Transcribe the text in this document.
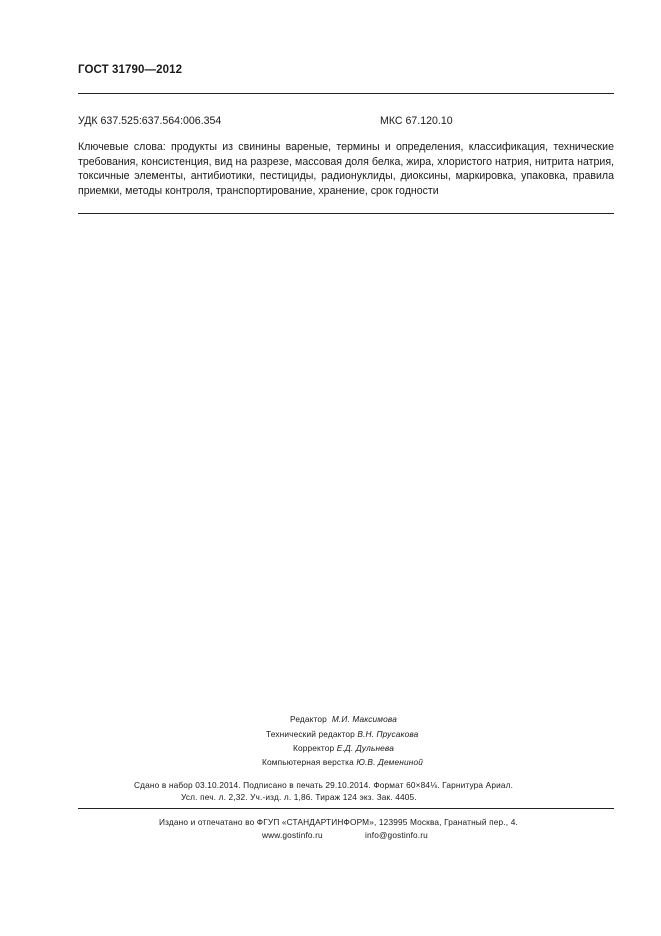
ГОСТ 31790—2012
УДК 637.525:637.564:006.354	МКС 67.120.10
Ключевые слова: продукты из свинины вареные, термины и определения, классификация, технические требования, консистенция, вид на разрезе, массовая доля белка, жира, хлористого натрия, нитрита натрия, токсичные элементы, антибиотики, пестициды, радионуклиды, диоксины, маркировка, упаковка, правила приемки, методы контроля, транспортирование, хранение, срок годности
Редактор М.И. Максимова
Технический редактор В.Н. Прусакова
Корректор Е.Д. Дульнева
Компьютерная верстка Ю.В. Демениной
Сдано в набор 03.10.2014. Подписано в печать 29.10.2014. Формат 60×84⅛. Гарнитура Ариал.
Усл. печ. л. 2,32. Уч.-изд. л. 1,86. Тираж 124 экз. Зак. 4405.
Издано и отпечатано во ФГУП «СТАНДАРТИНФОРМ», 123995 Москва, Гранатный пер., 4.
www.gostinfo.ru	info@gostinfo.ru
